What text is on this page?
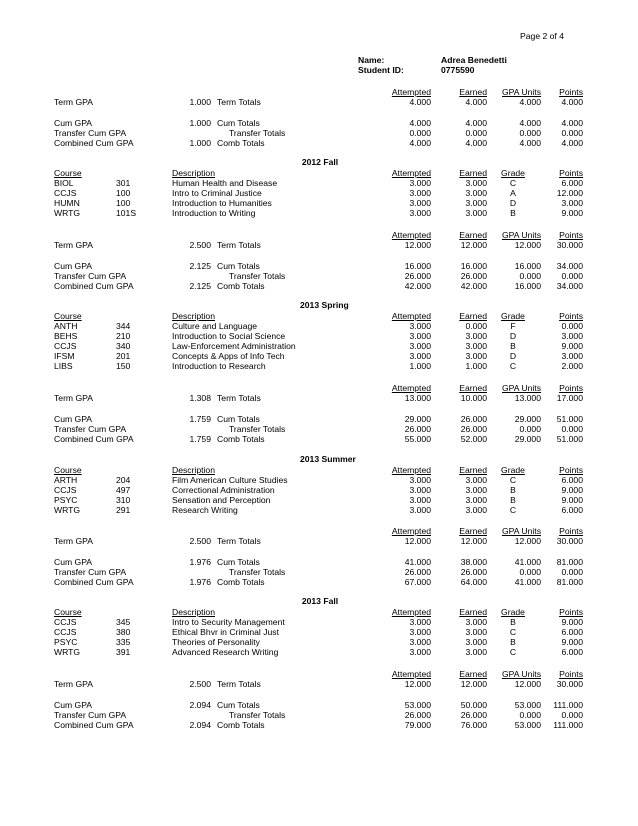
Page 2 of 4
Name:	Adrea Benedetti
Student ID:	0775590
Attempted	Earned GPA Units Points
Term GPA	1.000 Term Totals	4.000	4.000	4.000 4.000
Cum GPA	1.000 Cum Totals	4.000	4.000	4.000 4.000
Transfer Cum GPA	Transfer Totals	0.000	0.000	0.000 0.000
Combined Cum GPA	1.000 Comb Totals	4.000	4.000	4.000 4.000
2012 Fall
Course	Description	Attempted	Earned	Grade	Points
BIOL	301	Human Health and Disease	3.000	3.000	C	6.000
CCJS	100	Intro to Criminal Justice	3.000	3.000	A	12.000
HUMN	100	Introduction to Humanities	3.000	3.000	D	3.000
WRTG	101S	Introduction to Writing	3.000	3.000	B	9.000
Attempted	Earned GPA Units Points
Term GPA	2.500 Term Totals	12.000	12.000	12.000 30.000
Cum GPA	2.125 Cum Totals	16.000	16.000	16.000 34.000
Transfer Cum GPA	Transfer Totals	26.000	26.000	0.000 0.000
Combined Cum GPA	2.125 Comb Totals	42.000	42.000	16.000 34.000
2013 Spring
Course	Description	Attempted	Earned	Grade	Points
ANTH	344	Culture and Language	3.000	0.000	F	0.000
BEHS	210	Introduction to Social Science	3.000	3.000	D	3.000
CCJS	340	Law-Enforcement Administration	3.000	3.000	B	9.000
IFSM	201	Concepts & Apps of Info Tech	3.000	3.000	D	3.000
LIBS	150	Introduction to Research	1.000	1.000	C	2.000
Attempted	Earned GPA Units Points
Term GPA	1.308 Term Totals	13.000	10.000	13.000 17.000
Cum GPA	1.759 Cum Totals	29.000	26.000	29.000 51.000
Transfer Cum GPA	Transfer Totals	26.000	26.000	0.000 0.000
Combined Cum GPA	1.759 Comb Totals	55.000	52.000	29.000 51.000
2013 Summer
Course	Description	Attempted	Earned	Grade	Points
ARTH	204	Film American Culture Studies	3.000	3.000	C	6.000
CCJS	497	Correctional Administration	3.000	3.000	B	9.000
PSYC	310	Sensation and Perception	3.000	3.000	B	9.000
WRTG	291	Research Writing	3.000	3.000	C	6.000
Attempted	Earned GPA Units Points
Term GPA	2.500 Term Totals	12.000	12.000	12.000 30.000
Cum GPA	1.976 Cum Totals	41.000	38.000	41.000 81.000
Transfer Cum GPA	Transfer Totals	26.000	26.000	0.000 0.000
Combined Cum GPA	1.976 Comb Totals	67.000	64.000	41.000 81.000
2013 Fall
Course	Description	Attempted	Earned	Grade	Points
CCJS	345	Intro to Security Management	3.000	3.000	B	9.000
CCJS	380	Ethical Bhvr in Criminal Just	3.000	3.000	C	6.000
PSYC	335	Theories of Personality	3.000	3.000	B	9.000
WRTG	391	Advanced Research Writing	3.000	3.000	C	6.000
Attempted	Earned GPA Units Points
Term GPA	2.500 Term Totals	12.000	12.000	12.000 30.000
Cum GPA	2.094 Cum Totals	53.000	50.000	53.000 111.000
Transfer Cum GPA	Transfer Totals	26.000	26.000	0.000 0.000
Combined Cum GPA	2.094 Comb Totals	79.000	76.000	53.000 111.000
